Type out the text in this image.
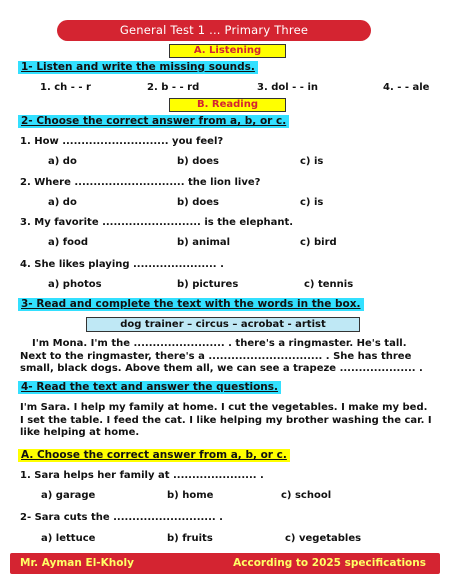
General Test 1 ... Primary Three
A. Listening
1- Listen and write the missing sounds.
1. ch - - r	2. b - - rd	3. dol - - in	4. - - ale
B. Reading
2- Choose the correct answer from a, b, or c.
1. How ............................ you feel?
a) do	b) does	c) is
2. Where ............................. the lion live?
a) do	b) does	c) is
3. My favorite .......................... is the elephant.
a) food	b) animal	c) bird
4. She likes playing ...................... .
a) photos	b) pictures	c) tennis
3- Read and complete the text with the words in the box.
dog trainer – circus – acrobat - artist
I'm Mona. I'm the ........................ . there's a ringmaster. He's tall. Next to the ringmaster, there's a .............................. . She has three small, black dogs. Above them all, we can see a trapeze .................... .
4- Read the text and answer the questions.
I'm Sara. I help my family at home. I cut the vegetables. I make my bed. I set the table. I feed the cat. I like helping my brother washing the car. I like helping at home.
A. Choose the correct answer from a, b, or c.
1. Sara helps her family at ...................... .
a) garage	b) home	c) school
2- Sara cuts the ........................... .
a) lettuce	b) fruits	c) vegetables
Mr. Ayman El-Kholy	According to 2025 specifications
